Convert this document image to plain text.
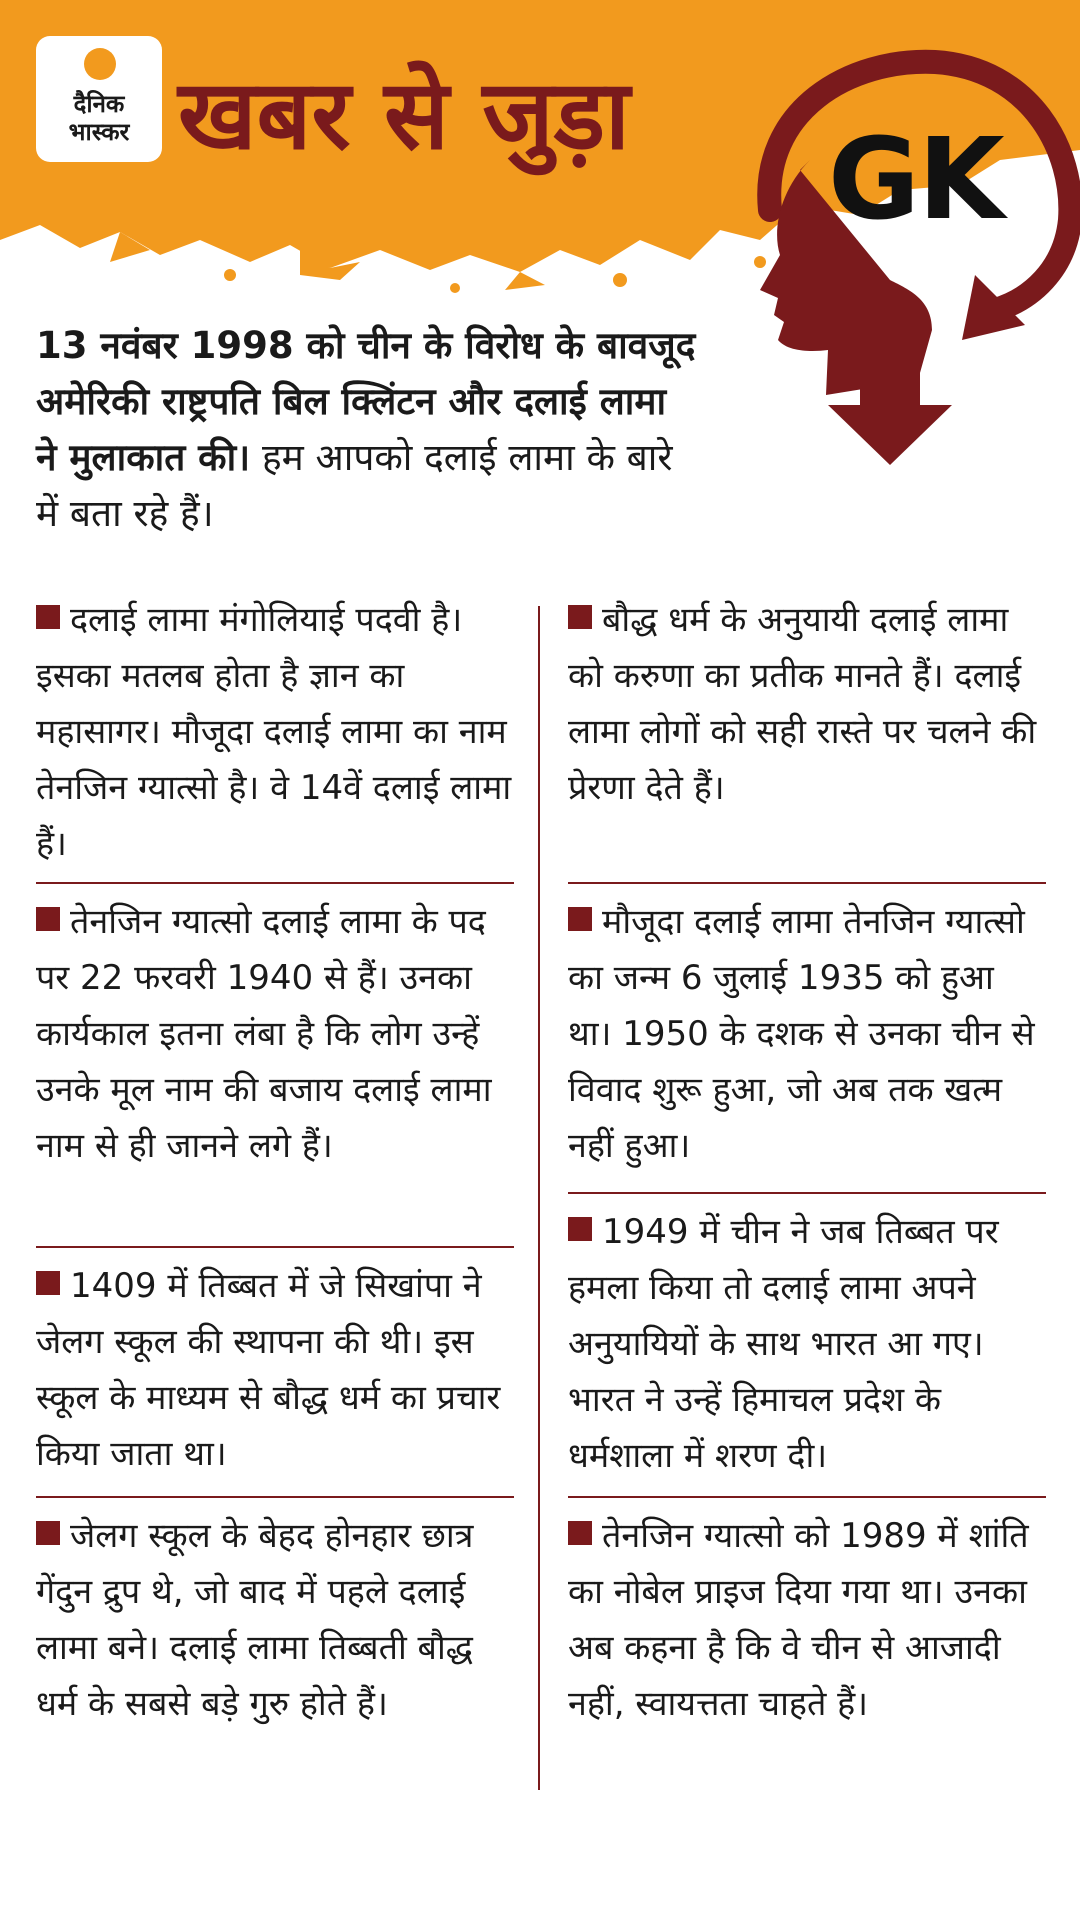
दैनिक
भास्कर खबर से जुड़ा GK

13 नवंबर 1998 को चीन के विरोध के बावजूद अमेरिकी राष्ट्रपति बिल क्लिंटन और दलाई लामा ने मुलाकात की। हम आपको दलाई लामा के बारे में बता रहे हैं।

दलाई लामा मंगोलियाई पदवी है। इसका मतलब होता है ज्ञान का महासागर। मौजूदा दलाई लामा का नाम तेनजिन ग्यात्सो है। वे 14वें दलाई लामा हैं।
तेनजिन ग्यात्सो दलाई लामा के पद पर 22 फरवरी 1940 से हैं। उनका कार्यकाल इतना लंबा है कि लोग उन्हें उनके मूल नाम की बजाय दलाई लामा नाम से ही जानने लगे हैं।
1409 में तिब्बत में जे सिखांपा ने जेलग स्कूल की स्थापना की थी। इस स्कूल के माध्यम से बौद्ध धर्म का प्रचार किया जाता था।
जेलग स्कूल के बेहद होनहार छात्र गेंदुन द्रुप थे, जो बाद में पहले दलाई लामा बने। दलाई लामा तिब्बती बौद्ध धर्म के सबसे बड़े गुरु होते हैं।
बौद्ध धर्म के अनुयायी दलाई लामा को करुणा का प्रतीक मानते हैं। दलाई लामा लोगों को सही रास्ते पर चलने की प्रेरणा देते हैं।
मौजूदा दलाई लामा तेनजिन ग्यात्सो का जन्म 6 जुलाई 1935 को हुआ था। 1950 के दशक से उनका चीन से विवाद शुरू हुआ, जो अब तक खत्म नहीं हुआ।
1949 में चीन ने जब तिब्बत पर हमला किया तो दलाई लामा अपने अनुयायियों के साथ भारत आ गए। भारत ने उन्हें हिमाचल प्रदेश के धर्मशाला में शरण दी।
तेनजिन ग्यात्सो को 1989 में शांति का नोबेल प्राइज दिया गया था। उनका अब कहना है कि वे चीन से आजादी नहीं, स्वायत्तता चाहते हैं।
